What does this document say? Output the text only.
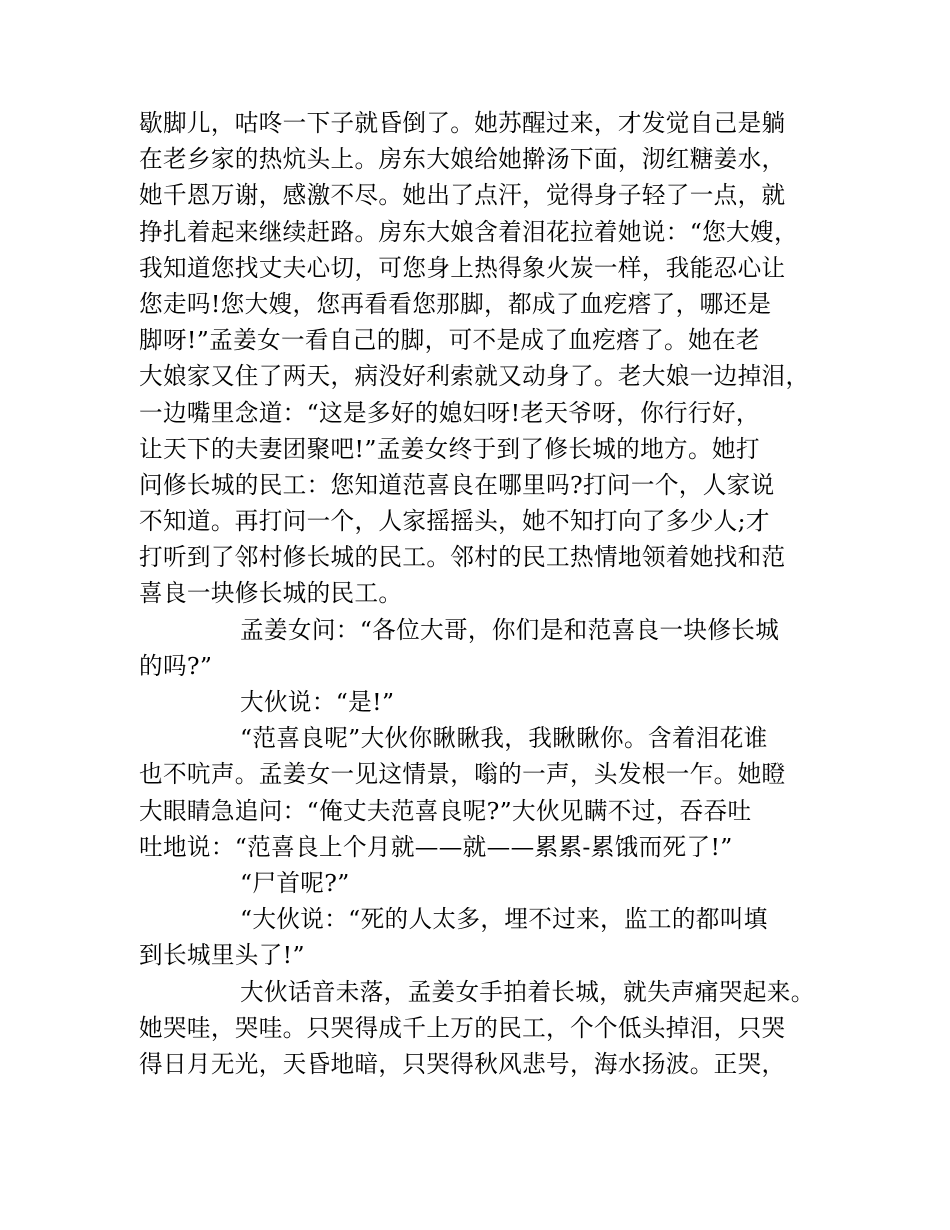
歇脚儿，咕咚一下子就昏倒了。她苏醒过来，才发觉自己是躺
在老乡家的热炕头上。房东大娘给她擀汤下面，沏红糖姜水，
她千恩万谢，感激不尽。她出了点汗，觉得身子轻了一点，就
挣扎着起来继续赶路。房东大娘含着泪花拉着她说：“您大嫂，
我知道您找丈夫心切，可您身上热得象火炭一样，我能忍心让
您走吗!您大嫂，您再看看您那脚，都成了血疙瘩了，哪还是
脚呀!”孟姜女一看自己的脚，可不是成了血疙瘩了。她在老
大娘家又住了两天，病没好利索就又动身了。老大娘一边掉泪，
一边嘴里念道：“这是多好的媳妇呀!老天爷呀，你行行好，
让天下的夫妻团聚吧!”孟姜女终于到了修长城的地方。她打
问修长城的民工：您知道范喜良在哪里吗?打问一个，人家说
不知道。再打问一个，人家摇摇头，她不知打向了多少人;才
打听到了邻村修长城的民工。邻村的民工热情地领着她找和范
喜良一块修长城的民工。
孟姜女问：“各位大哥，你们是和范喜良一块修长城
的吗?”
大伙说：“是!”
“范喜良呢”大伙你瞅瞅我，我瞅瞅你。含着泪花谁
也不吭声。孟姜女一见这情景，嗡的一声，头发根一乍。她瞪
大眼睛急追问：“俺丈夫范喜良呢?”大伙见瞒不过，吞吞吐
吐地说：“范喜良上个月就——就——累累-累饿而死了!”
“尸首呢?”
“大伙说：“死的人太多，埋不过来，监工的都叫填
到长城里头了!”
大伙话音未落，孟姜女手拍着长城，就失声痛哭起来。
她哭哇，哭哇。只哭得成千上万的民工，个个低头掉泪，只哭
得日月无光，天昏地暗，只哭得秋风悲号，海水扬波。正哭，
